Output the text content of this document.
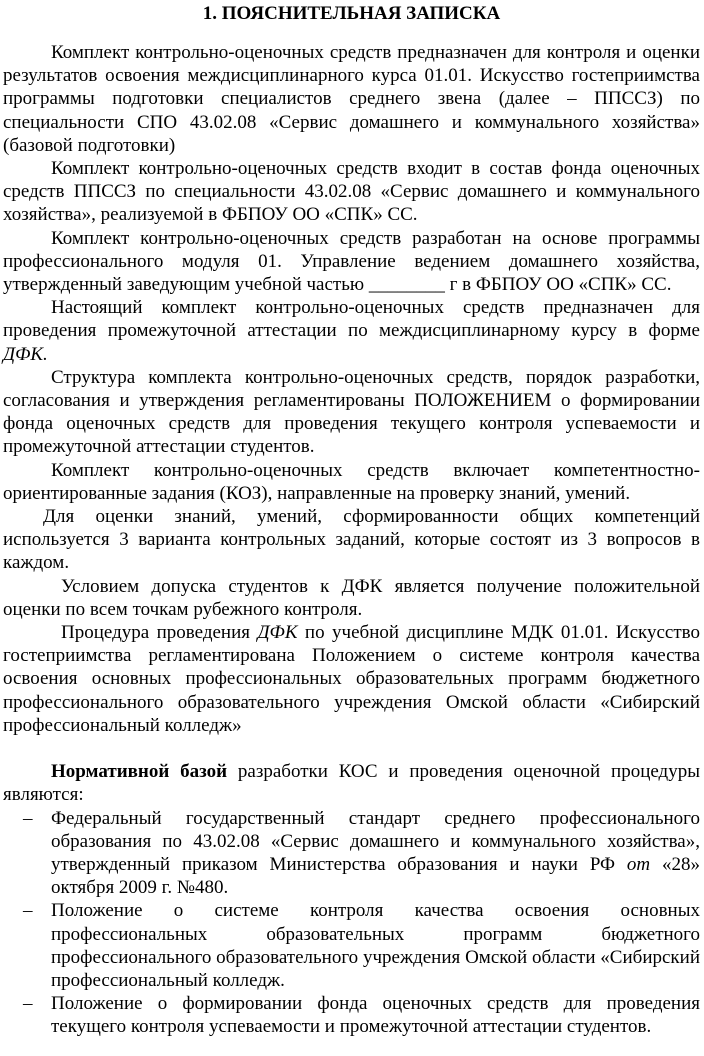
1. ПОЯСНИТЕЛЬНАЯ ЗАПИСКА

Комплект контрольно-оценочных средств предназначен для контроля и оценки результатов освоения междисциплинарного курса 01.01. Искусство гостеприимства программы подготовки специалистов среднего звена (далее – ППССЗ) по специальности СПО 43.02.08 «Сервис домашнего и коммунального хозяйства» (базовой подготовки)

Комплект контрольно-оценочных средств входит в состав фонда оценочных средств ППССЗ по специальности 43.02.08 «Сервис домашнего и коммунального хозяйства», реализуемой в ФБПОУ ОО «СПК» СС.

Комплект контрольно-оценочных средств разработан на основе программы профессионального модуля 01. Управление ведением домашнего хозяйства, утвержденный заведующим учебной частью ________ г в ФБПОУ ОО «СПК» СС.

Настоящий комплект контрольно-оценочных средств предназначен для проведения промежуточной аттестации по междисциплинарному курсу в форме ДФК.

Структура комплекта контрольно-оценочных средств, порядок разработки, согласования и утверждения регламентированы ПОЛОЖЕНИЕМ о формировании фонда оценочных средств для проведения текущего контроля успеваемости и промежуточной аттестации студентов.

Комплект контрольно-оценочных средств включает компетентностно-ориентированные задания (КОЗ), направленные на проверку знаний, умений.

Для оценки знаний, умений, сформированности общих компетенций используется 3 варианта контрольных заданий, которые состоят из 3 вопросов в каждом.

Условием допуска студентов к ДФК является получение положительной оценки по всем точкам рубежного контроля.

Процедура проведения ДФК по учебной дисциплине МДК 01.01. Искусство гостеприимства регламентирована Положением о системе контроля качества освоения основных профессиональных образовательных программ бюджетного профессионального образовательного учреждения Омской области «Сибирский профессиональный колледж»

Нормативной базой разработки КОС и проведения оценочной процедуры являются:

– Федеральный государственный стандарт среднего профессионального образования по 43.02.08 «Сервис домашнего и коммунального хозяйства», утвержденный приказом Министерства образования и науки РФ от «28» октября 2009 г. №480.
– Положение о системе контроля качества освоения основных профессиональных образовательных программ бюджетного профессионального образовательного учреждения Омской области «Сибирский профессиональный колледж.
– Положение о формировании фонда оценочных средств для проведения текущего контроля успеваемости и промежуточной аттестации студентов.
